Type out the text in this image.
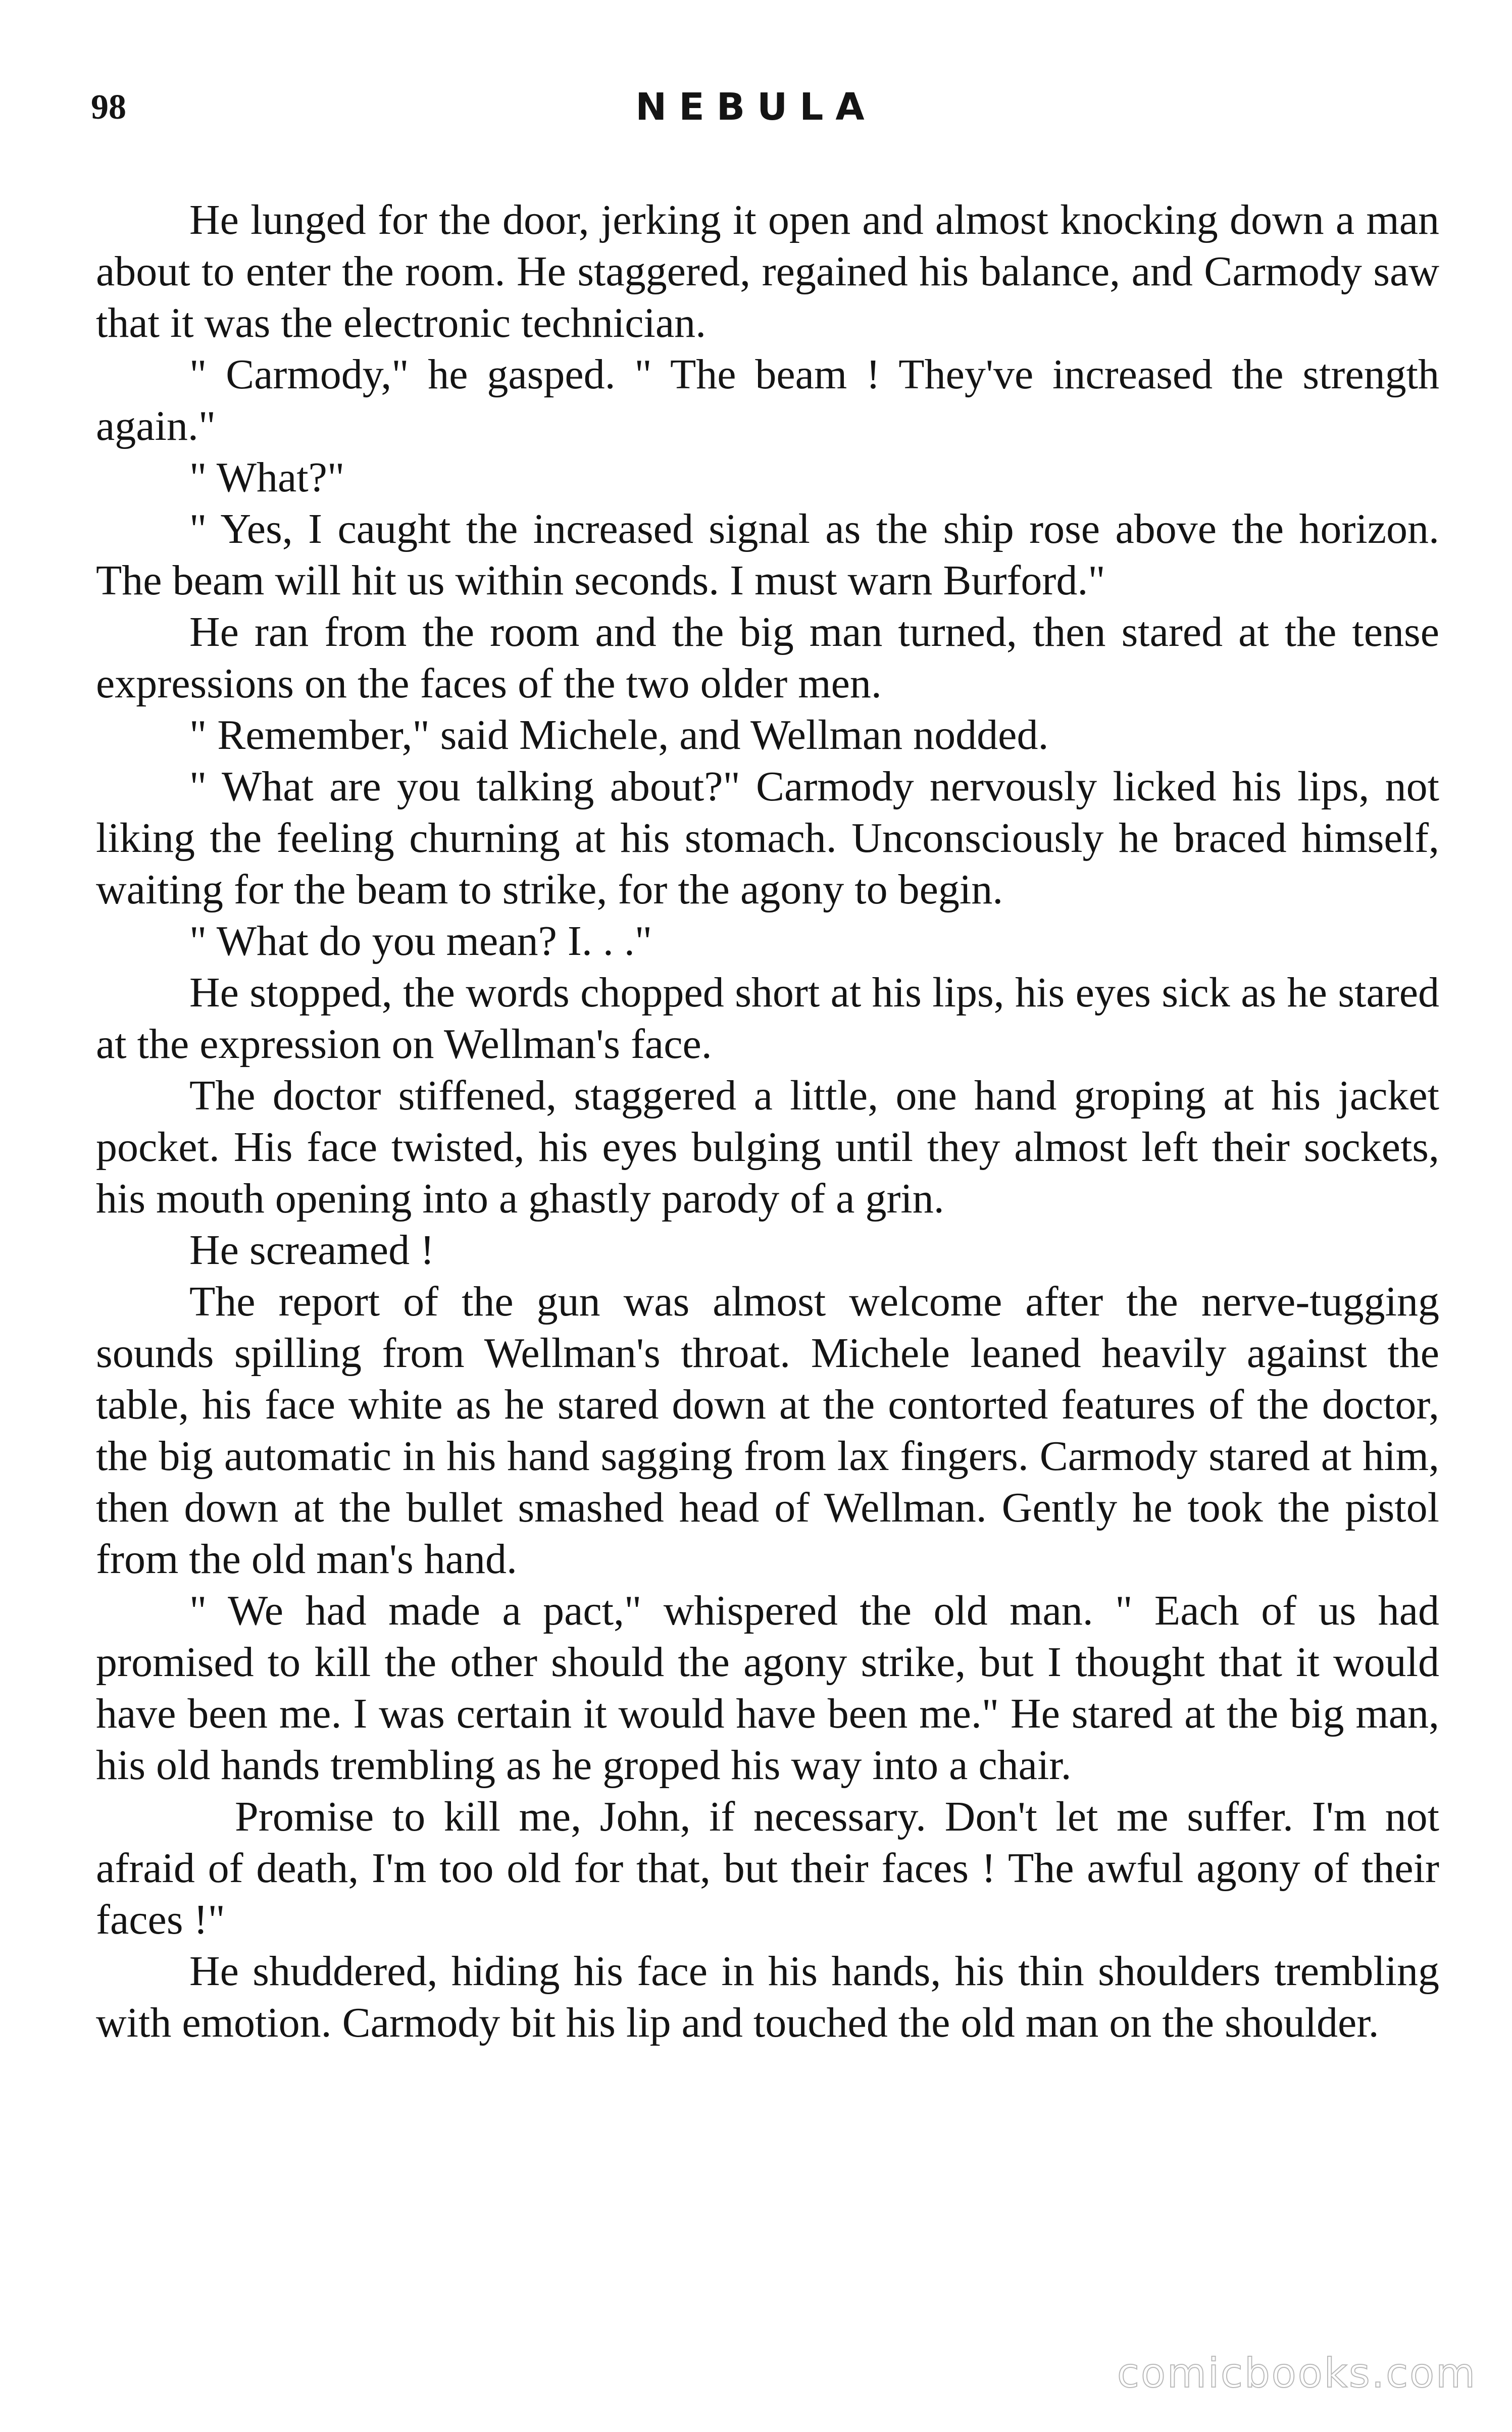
98	NEBULA

He lunged for the door, jerking it open and almost knocking down a man about to enter the room. He staggered, regained his balance, and Carmody saw that it was the electronic technician.

" Carmody," he gasped. " The beam ! They've increased the strength again."

" What?"

" Yes, I caught the increased signal as the ship rose above the horizon. The beam will hit us within seconds. I must warn Burford."

He ran from the room and the big man turned, then stared at the tense expressions on the faces of the two older men.

" Remember," said Michele, and Wellman nodded.

" What are you talking about?" Carmody nervously licked his lips, not liking the feeling churning at his stomach. Unconsciously he braced himself, waiting for the beam to strike, for the agony to begin.

" What do you mean? I. . ."

He stopped, the words chopped short at his lips, his eyes sick as he stared at the expression on Wellman's face.

The doctor stiffened, staggered a little, one hand groping at his jacket pocket. His face twisted, his eyes bulging until they almost left their sockets, his mouth opening into a ghastly parody of a grin.

He screamed !

The report of the gun was almost welcome after the nerve-tugging sounds spilling from Wellman's throat. Michele leaned heavily against the table, his face white as he stared down at the contorted features of the doctor, the big automatic in his hand sagging from lax fingers. Carmody stared at him, then down at the bullet smashed head of Wellman. Gently he took the pistol from the old man's hand.

" We had made a pact," whispered the old man. " Each of us had promised to kill the other should the agony strike, but I thought that it would have been me. I was certain it would have been me." He stared at the big man, his old hands trembling as he groped his way into a chair.

Promise to kill me, John, if necessary. Don't let me suffer. I'm not afraid of death, I'm too old for that, but their faces ! The awful agony of their faces !"

He shuddered, hiding his face in his hands, his thin shoulders trembling with emotion. Carmody bit his lip and touched the old man on the shoulder.

comicbooks.com
